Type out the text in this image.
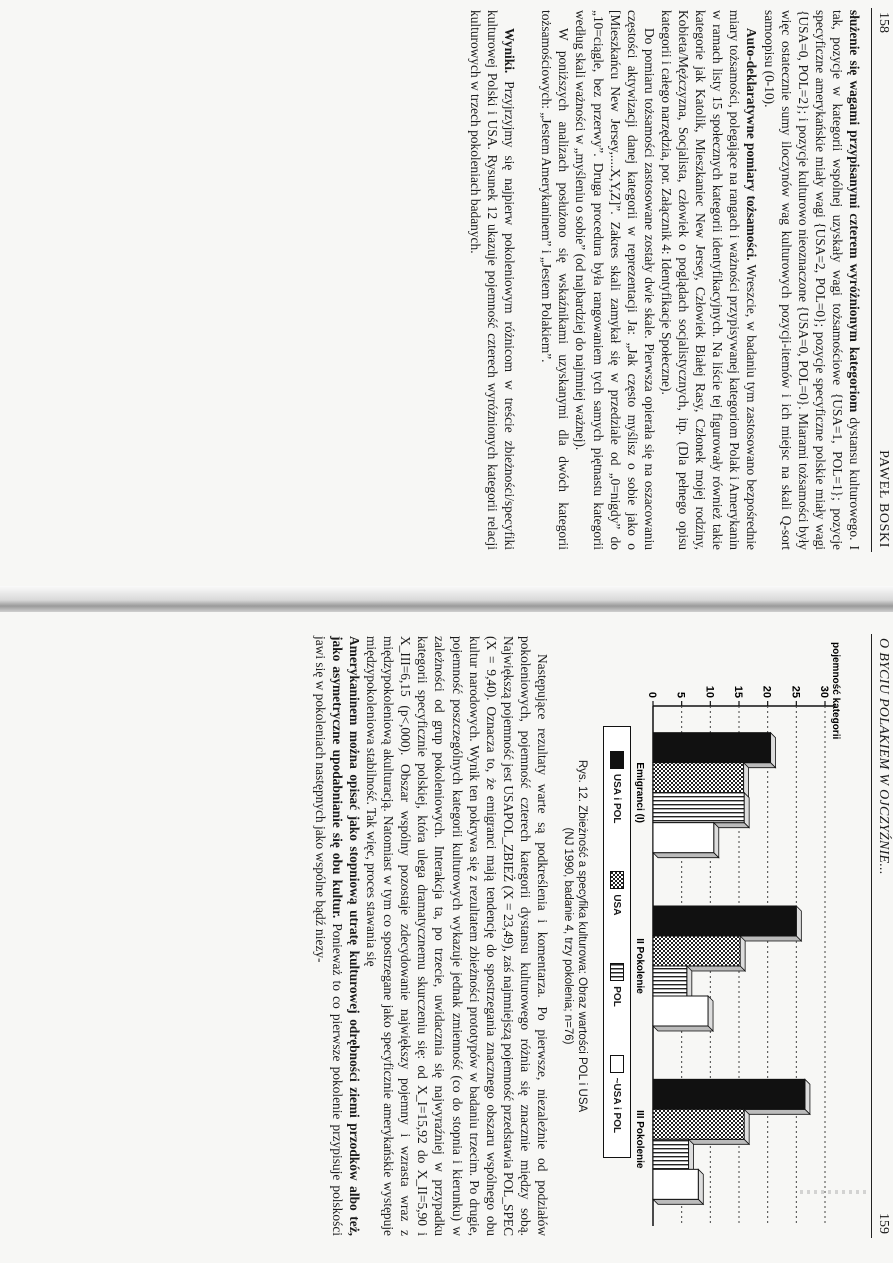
158
PAWEŁ BOSKI

służenie się wagami przypisanymi czterem wyróżnionym kategoriom dystansu kulturowego. I tak, pozycje w kategorii wspólnej uzyskały wagi tożsamościowe {USA=1, POL=1}; pozycje specyficzne amerykańskie miały wagi {USA=2, POL=0}; pozycje specyficzne polskie miały wagi {USA=0, POL=2}; i pozycje kulturowo nieoznaczone {USA=0, POL=0}. Miarami tożsamości były więc ostatecznie sumy iloczynów wag kulturowych pozycji-itemów i ich miejsc na skali Q-sort samoopisu (0-10).

Auto-deklaratywne pomiary tożsamości. Wreszcie, w badaniu tym zastosowano bezpośrednie miary tożsamości, polegające na rangach i ważności przypisywanej kategoriom Polak i Amerykanin w ramach listy 15 społecznych kategorii identyfikacyjnych. Na liście tej figurowały również takie kategorie jak Katolik, Mieszkaniec New Jersey, Człowiek Białej Rasy, Członek mojej rodziny, Kobieta/Mężczyzna, Socjalista, człowiek o poglądach socjalistycznych, itp. (Dla pełnego opisu kategorii i całego narzędzia, por. Załącznik 4: Identyfikacje Społeczne).

Do pomiaru tożsamości zastosowane zostały dwie skale. Pierwsza opierała się na oszacowaniu częstości aktywizacji danej kategorii w reprezentacji Ja: „Jak często myślisz o sobie jako o [Mieszkańcu New Jersey,....X,Y,Z]”. Zakres skali zamykał się w przedziale od „0=nigdy” do „10=ciągle, bez przerwy”. Druga procedura była rangowaniem tych samych piętnastu kategorii według skali ważności w „myśleniu o sobie” (od najbardziej do najmniej ważnej).

W poniższych analizach posłużono się wskaźnikami uzyskanymi dla dwóch kategorii tożsamościowych: „Jestem Amerykaninem” i „Jestem Polakiem”.

Wyniki. Przyjrzyjmy się najpierw pokoleniowym różnicom w treście zbieżności/specyfiki kulturowej Polski i USA. Rysunek 12 ukazuje pojemność czterech wyróżnionych kategorii relacji kulturowych w trzech pokoleniach badanych.

O BYCIU POLAKIEM W OJCZYŹNIE...
159
pojemność kategorii
0 5 10 15 20 25 30
Emigranci (I)
II Pokolenie
III Pokolenie
USA i POL
USA
POL
~USA i POL
Rys. 12. Zbieżność a specyfika kulturowa: Obraz wartości POL i USA
(NJ 1990, badanie 4, trzy pokolenia; n=76)

Następujące rezultaty warte są podkreślenia i komentarza. Po pierwsze, niezależnie od podziałów pokoleniowych, pojemność czterech kategorii dystansu kulturowego różnia się znacznie między sobą. Największą pojemność jest USAPOL_ZBIEŻ (X = 23,49), zaś najmniejszą pojemność przedstawia POL_SPEC (X = 9,40). Oznacza to, że emigranci mają tendencję do spostrzegania znacznego obszaru wspólnego obu kultur narodowych. Wynik ten pokrywa się z rezultatem zbieżności prototypów w badaniu trzecim. Po drugie, pojemność poszczególnych kategorii kulturowych wykazuje jednak zmienność (co do stopnia i kierunku) w zależności od grup pokoleniowych. Interakcja ta, po trzecie, uwidacznia się najwyraźniej w przypadku kategorii specyficznie polskiej, która ulega dramatycznemu skurczeniu się: od X_I=15,92 do X_II=5,90 i X_III=6,15 (p<,000). Obszar wspólny pozostaje zdecydowanie największy pojemny i wzrasta wraz z międzypokoleniową akulturacją. Natomiast w tym co spostrzegane jako specyficznie amerykańskie występuje międzypokoleniowa stabilność. Tak więc, proces stawania się

Amerykaninem można opisać jako stopniową utratę kulturowej odrębności ziemi przodków albo też, jako asymetryczne upodabnianie się obu kultur. Ponieważ to co pierwsze pokolenie przypisuje polskości jawi się w pokoleniach następnych jako wspólne bądź niezy-
